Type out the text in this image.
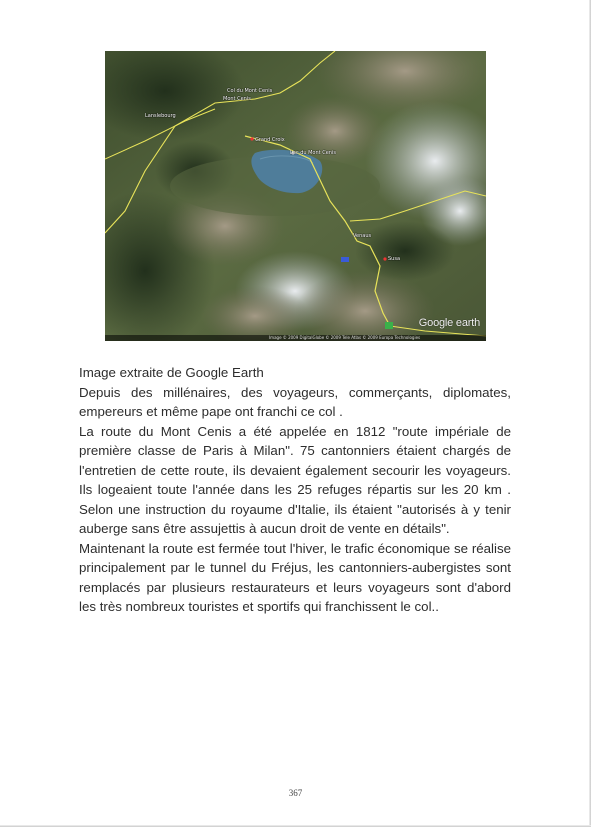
Col du Mont Cenis
Mont Cenis
Lanslebourg
Grand Croix
Lac du Mont Cenis
Venaus
Susa
Google earth
Image © 2009 DigitalGlobe © 2009 Tele Atlas © 2009 Europa Technologies

Image extraite de Google Earth

Depuis des millénaires, des voyageurs, commerçants, diplomates, empereurs et même pape ont franchi ce col .

La route du Mont Cenis a été appelée en 1812 "route impériale de première classe de Paris à Milan". 75 cantonniers étaient chargés de l'entretien de cette route, ils devaient également secourir les voyageurs. Ils logeaient toute l'année dans les 25 refuges répartis sur les 20 km . Selon une instruction du royaume d'Italie, ils étaient "autorisés à y tenir auberge sans être assujettis à aucun droit de vente en détails".

Maintenant la route est fermée tout l'hiver, le trafic économique se réalise principalement par le tunnel du Fréjus, les cantonniers-aubergistes sont remplacés par plusieurs restaurateurs et leurs voyageurs sont d'abord les très nombreux touristes et sportifs qui franchissent le col..

367
